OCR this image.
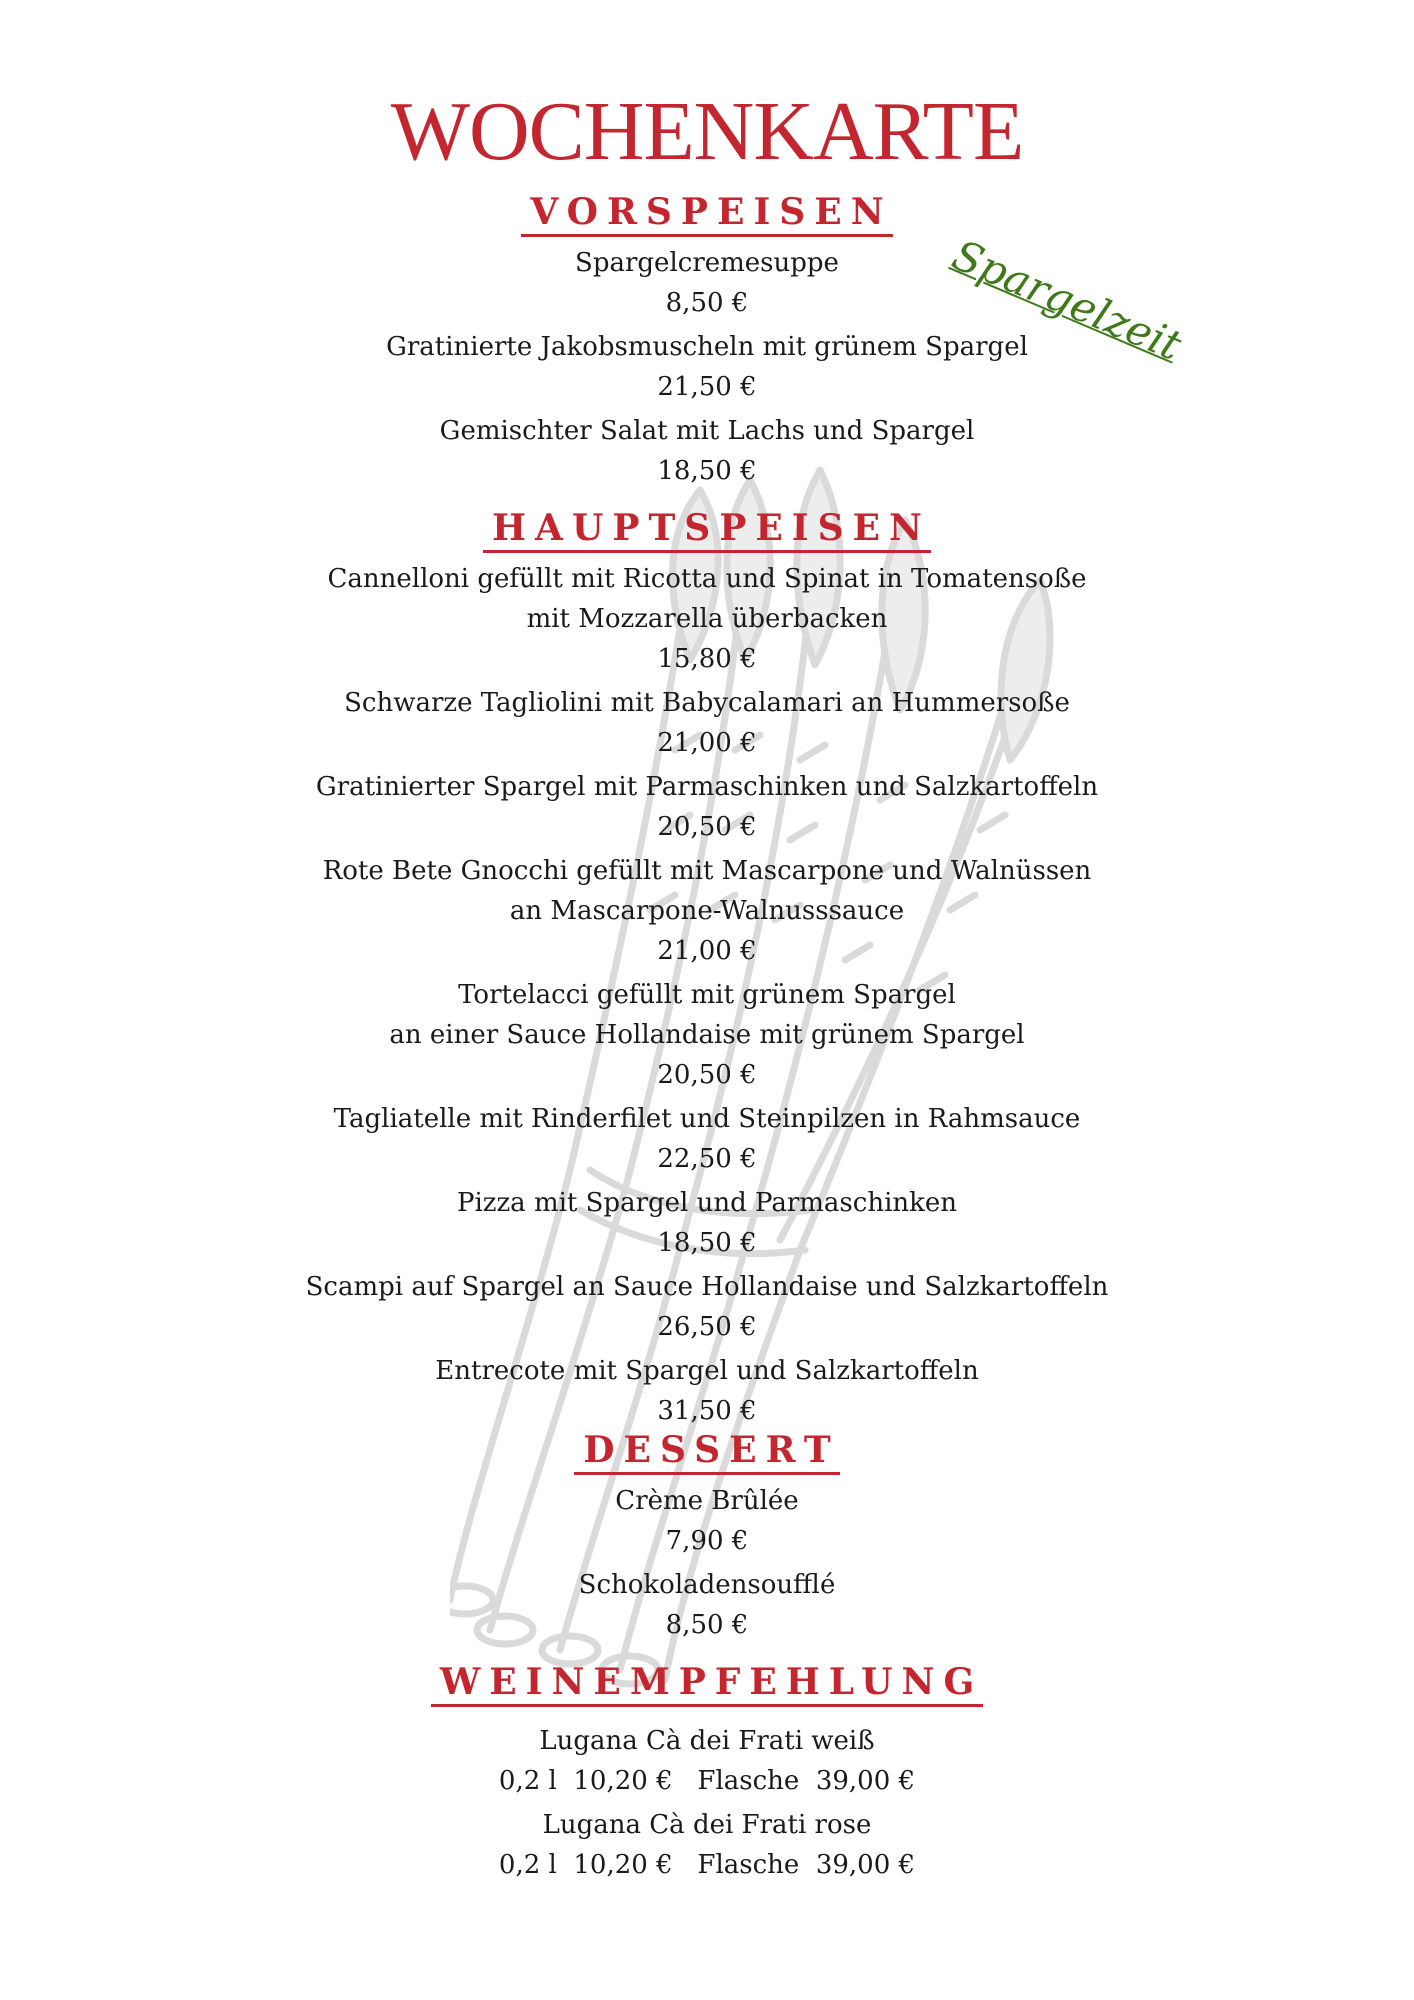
WOCHENKARTE
Spargelzeit
VORSPEISEN
Spargelcremesuppe
8,50 €
Gratinierte Jakobsmuscheln mit grünem Spargel
21,50 €
Gemischter Salat mit Lachs und Spargel
18,50 €
HAUPTSPEISEN
Cannelloni gefüllt mit Ricotta und Spinat in Tomatensoße
mit Mozzarella überbacken
15,80 €
Schwarze Tagliolini mit Babycalamari an Hummersoße
21,00 €
Gratinierter Spargel mit Parmaschinken und Salzkartoffeln
20,50 €
Rote Bete Gnocchi gefüllt mit Mascarpone und Walnüssen
an Mascarpone-Walnusssauce
21,00 €
Tortelacci gefüllt mit grünem Spargel
an einer Sauce Hollandaise mit grünem Spargel
20,50 €
Tagliatelle mit Rinderfilet und Steinpilzen in Rahmsauce
22,50 €
Pizza mit Spargel und Parmaschinken
18,50 €
Scampi auf Spargel an Sauce Hollandaise und Salzkartoffeln
26,50 €
Entrecote mit Spargel und Salzkartoffeln
31,50 €
DESSERT
Crème Brûlée
7,90 €
Schokoladensoufflé
8,50 €
WEINEMPFEHLUNG
Lugana Cà dei Frati weiß
0,2 l  10,20 €   Flasche  39,00 €
Lugana Cà dei Frati rose
0,2 l  10,20 €   Flasche  39,00 €
